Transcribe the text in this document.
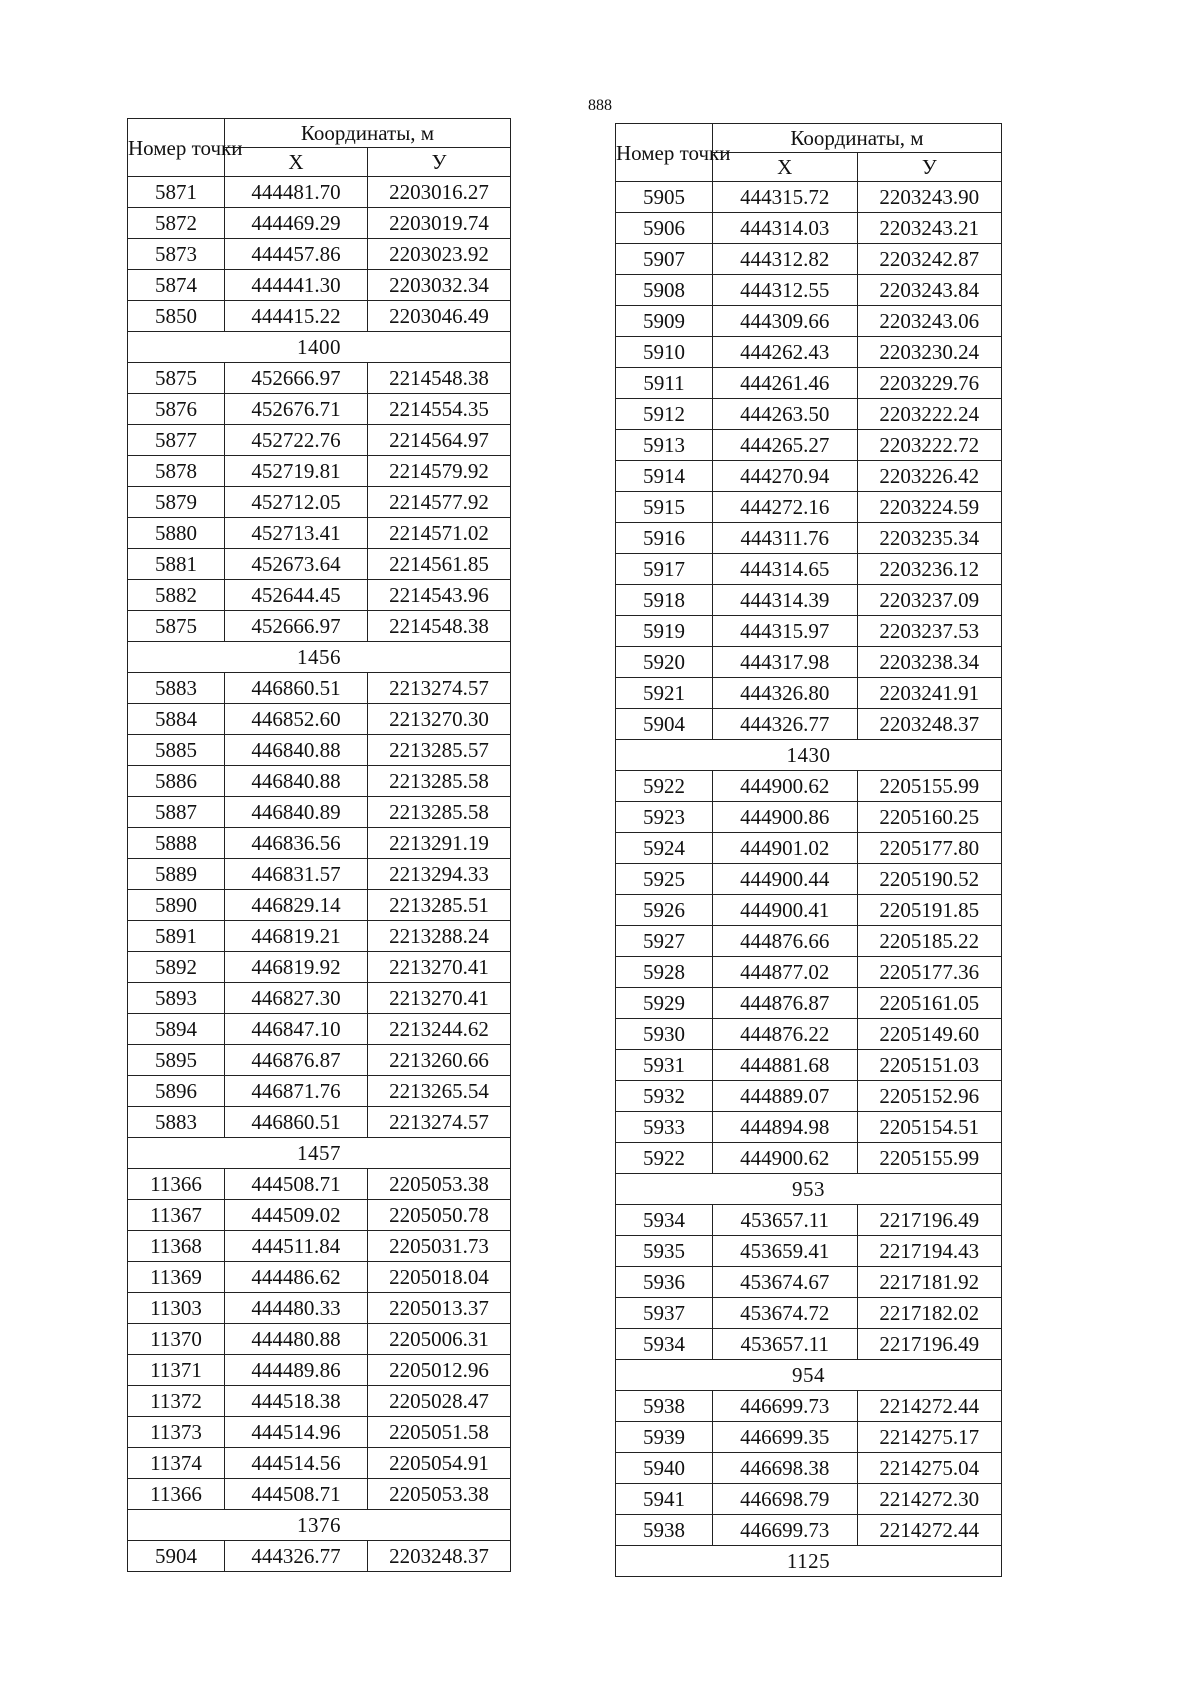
888
Номер точки	Координаты, м	
	Х	У
5871	444481.70	2203016.27
5872	444469.29	2203019.74
5873	444457.86	2203023.92
5874	444441.30	2203032.34
5850	444415.22	2203046.49
1400		
5875	452666.97	2214548.38
5876	452676.71	2214554.35
5877	452722.76	2214564.97
5878	452719.81	2214579.92
5879	452712.05	2214577.92
5880	452713.41	2214571.02
5881	452673.64	2214561.85
5882	452644.45	2214543.96
5875	452666.97	2214548.38
1456		
5883	446860.51	2213274.57
5884	446852.60	2213270.30
5885	446840.88	2213285.57
5886	446840.88	2213285.58
5887	446840.89	2213285.58
5888	446836.56	2213291.19
5889	446831.57	2213294.33
5890	446829.14	2213285.51
5891	446819.21	2213288.24
5892	446819.92	2213270.41
5893	446827.30	2213270.41
5894	446847.10	2213244.62
5895	446876.87	2213260.66
5896	446871.76	2213265.54
5883	446860.51	2213274.57
1457		
11366	444508.71	2205053.38
11367	444509.02	2205050.78
11368	444511.84	2205031.73
11369	444486.62	2205018.04
11303	444480.33	2205013.37
11370	444480.88	2205006.31
11371	444489.86	2205012.96
11372	444518.38	2205028.47
11373	444514.96	2205051.58
11374	444514.56	2205054.91
11366	444508.71	2205053.38
1376		
5904	444326.77	2203248.37
Номер точки	Координаты, м	
	Х	У
5905	444315.72	2203243.90
5906	444314.03	2203243.21
5907	444312.82	2203242.87
5908	444312.55	2203243.84
5909	444309.66	2203243.06
5910	444262.43	2203230.24
5911	444261.46	2203229.76
5912	444263.50	2203222.24
5913	444265.27	2203222.72
5914	444270.94	2203226.42
5915	444272.16	2203224.59
5916	444311.76	2203235.34
5917	444314.65	2203236.12
5918	444314.39	2203237.09
5919	444315.97	2203237.53
5920	444317.98	2203238.34
5921	444326.80	2203241.91
5904	444326.77	2203248.37
1430		
5922	444900.62	2205155.99
5923	444900.86	2205160.25
5924	444901.02	2205177.80
5925	444900.44	2205190.52
5926	444900.41	2205191.85
5927	444876.66	2205185.22
5928	444877.02	2205177.36
5929	444876.87	2205161.05
5930	444876.22	2205149.60
5931	444881.68	2205151.03
5932	444889.07	2205152.96
5933	444894.98	2205154.51
5922	444900.62	2205155.99
953		
5934	453657.11	2217196.49
5935	453659.41	2217194.43
5936	453674.67	2217181.92
5937	453674.72	2217182.02
5934	453657.11	2217196.49
954		
5938	446699.73	2214272.44
5939	446699.35	2214275.17
5940	446698.38	2214275.04
5941	446698.79	2214272.30
5938	446699.73	2214272.44
1125		
